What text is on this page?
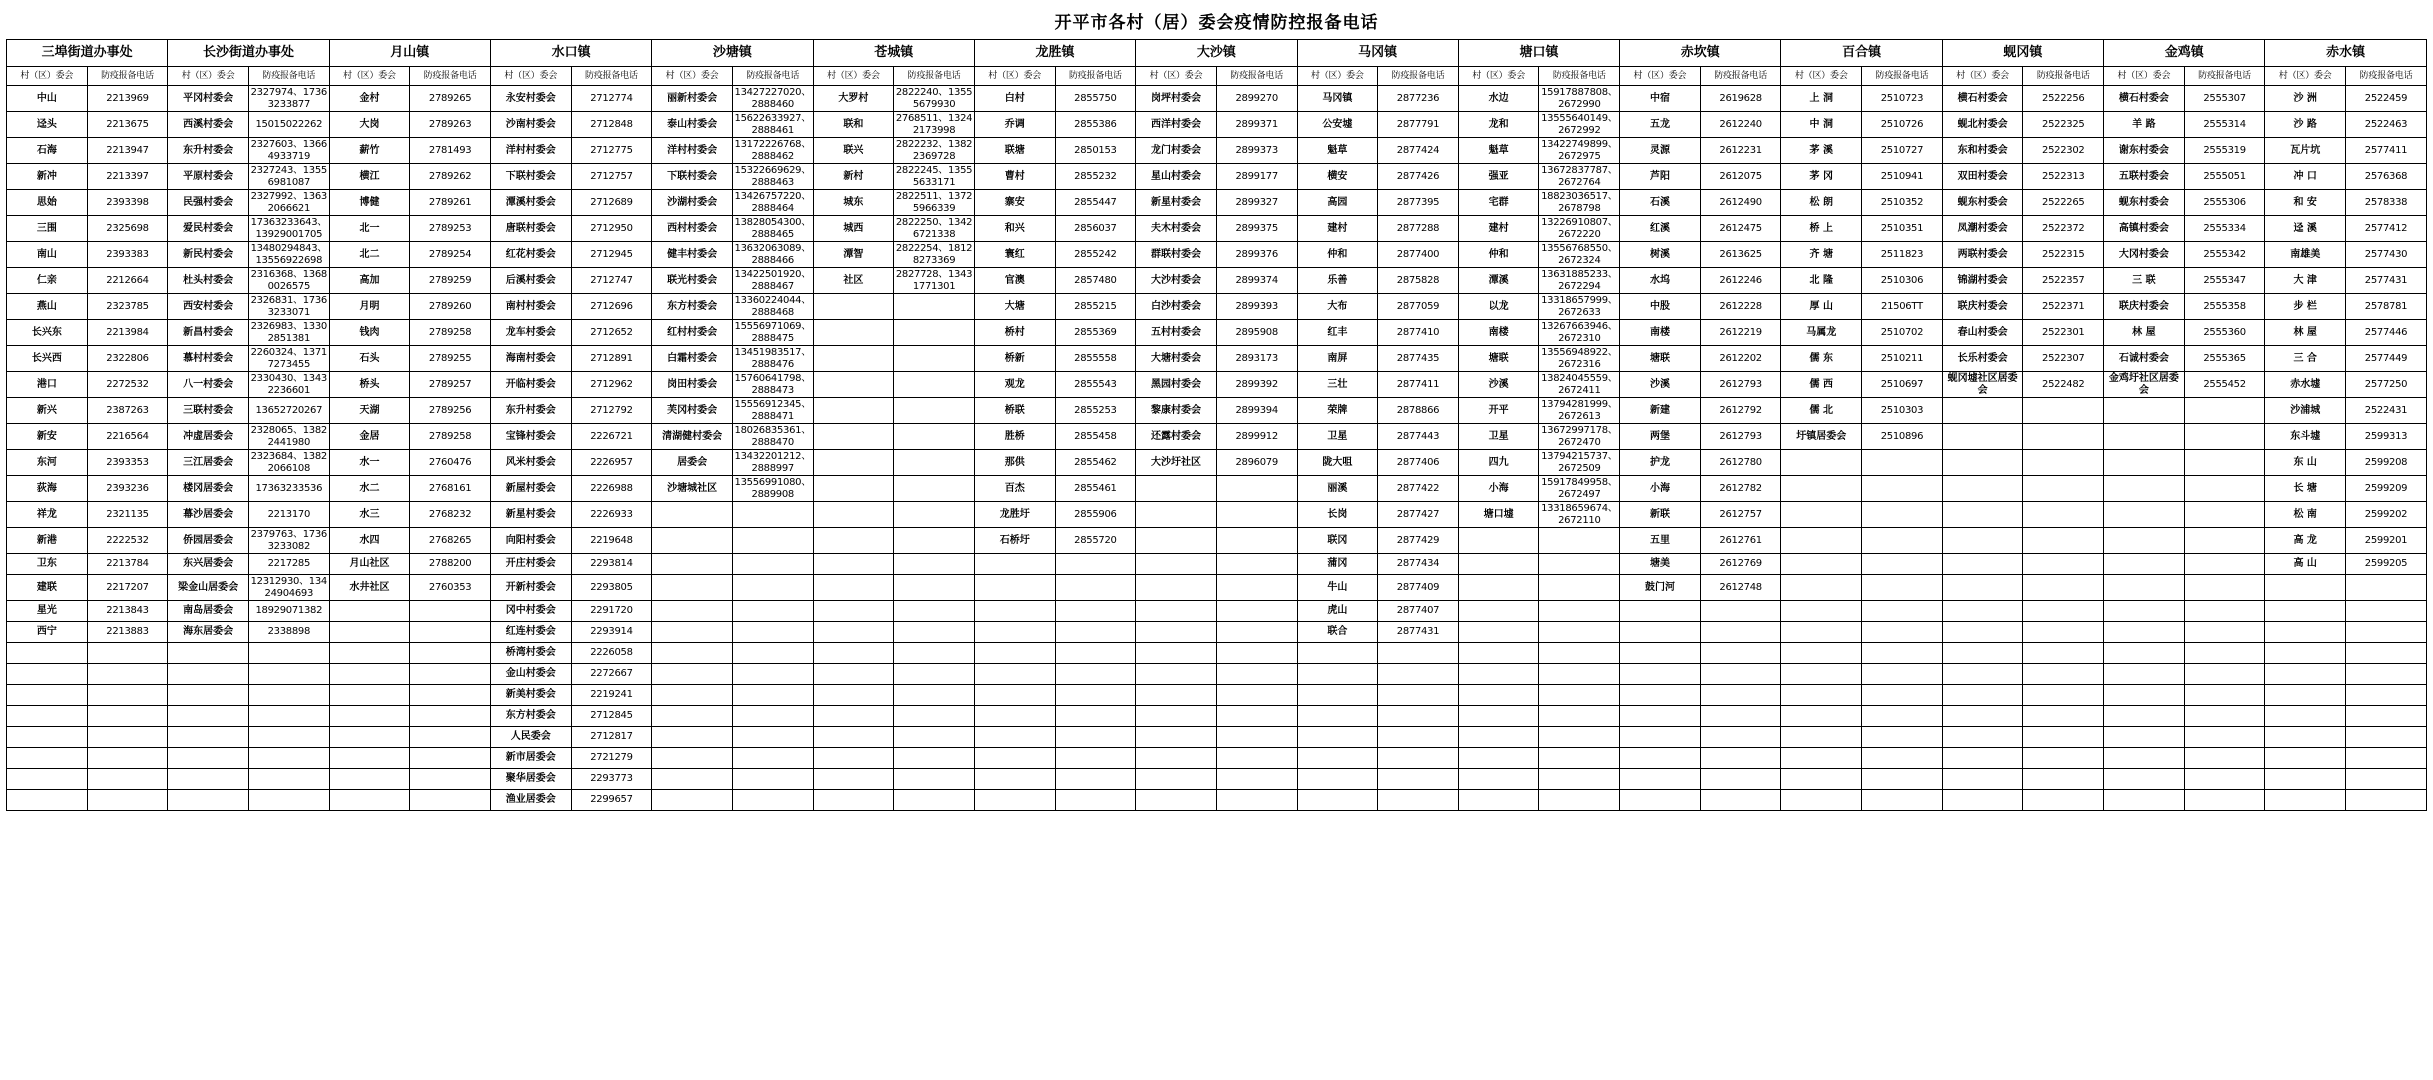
开平市各村（居）委会疫情防控报备电话
三埠街道办事处		长沙街道办事处		月山镇		水口镇		沙塘镇		苍城镇		龙胜镇		大沙镇		马冈镇		塘口镇		赤坎镇		百合镇		蚬冈镇		金鸡镇		赤水镇	
村（区）委会	防疫报备电话	村（区）委会	防疫报备电话	村（区）委会	防疫报备电话	村（区）委会	防疫报备电话	村（区）委会	防疫报备电话	村（区）委会	防疫报备电话	村（区）委会	防疫报备电话	村（区）委会	防疫报备电话	村（区）委会	防疫报备电话	村（区）委会	防疫报备电话	村（区）委会	防疫报备电话	村（区）委会	防疫报备电话	村（区）委会	防疫报备电话	村（区）委会	防疫报备电话	村（区）委会	防疫报备电话
中山	2213969	平冈村委会	2327974、17363233877	金村	2789265	永安村委会	2712774	丽新村委会	13427227020、2888460	大罗村	2822240、13555679930	白村	2855750	岗坪村委会	2899270	马冈镇	2877236	水边	15917887808、2672990	中宿	2619628	上 洞	2510723	横石村委会	2522256	横石村委会	2555307	沙 洲	2522459
迳头	2213675	西溪村委会	15015022262	大岗	2789263	沙南村委会	2712848	泰山村委会	15622633927、2888461	联和	2768511、13242173998	乔调	2855386	西洋村委会	2899371	公安墟	2877791	龙和	13555640149、2672992	五龙	2612240	中 洞	2510726	蚬北村委会	2522325	羊 路	2555314	沙 路	2522463
石海	2213947	东升村委会	2327603、13664933719	薪竹	2781493	洋村村委会	2712775	洋村村委会	13172226768、2888462	联兴	2822232、13822369728	联塘	2850153	龙门村委会	2899373	魁草	2877424	魁草	13422749899、2672975	灵源	2612231	茅 溪	2510727	东和村委会	2522302	谢东村委会	2555319	瓦片坑	2577411
新冲	2213397	平原村委会	2327243、13556981087	横江	2789262	下联村委会	2712757	下联村委会	15322669629、2888463	新村	2822245、13555633171	曹村	2855232	星山村委会	2899177	横安	2877426	强亚	13672837787、2672764	芦阳	2612075	茅 冈	2510941	双田村委会	2522313	五联村委会	2555051	冲 口	2576368
思始	2393398	民强村委会	2327992、13632066621	博健	2789261	潭溪村委会	2712689	沙湖村委会	13426757220、2888464	城东	2822511、13725966339	寨安	2855447	新星村委会	2899327	高园	2877395	宅群	18823036517、2678798	石溪	2612490	松 朗	2510352	蚬东村委会	2522265	蚬东村委会	2555306	和 安	2578338
三围	2325698	爱民村委会	17363233643、13929001705	北一	2789253	唐联村委会	2712950	西村村委会	13828054300、2888465	城西	2822250、13426721338	和兴	2856037	夫木村委会	2899375	建村	2877288	建村	13226910807、2672220	红溪	2612475	桥 上	2510351	凤潮村委会	2522372	高镇村委会	2555334	迳 溪	2577412
南山	2393383	新民村委会	13480294843、13556922698	北二	2789254	红花村委会	2712945	健丰村委会	13632063089、2888466	潭智	2822254、18128273369	寰红	2855242	群联村委会	2899376	仲和	2877400	仲和	13556768550、2672324	树溪	2613625	齐 塘	2511823	两联村委会	2522315	大冈村委会	2555342	南雄美	2577430
仁亲	2212664	杜头村委会	2316368、13680026575	高加	2789259	后溪村委会	2712747	联光村委会	13422501920、2888467	社区	2827728、13431771301	官澳	2857480	大沙村委会	2899374	乐善	2875828	潭溪	13631885233、2672294	水坞	2612246	北 隆	2510306	锦湖村委会	2522357	三 联	2555347	大 津	2577431
燕山	2323785	西安村委会	2326831、17363233071	月明	2789260	南村村委会	2712696	东方村委会	13360224044、2888468			大塘	2855215	白沙村委会	2899393	大布	2877059	以龙	13318657999、2672633	中股	2612228	厚 山	21506TT	联庆村委会	2522371	联庆村委会	2555358	步 栏	2578781
长兴东	2213984	新昌村委会	2326983、13302851381	钱肉	2789258	龙车村委会	2712652	红村村委会	15556971069、2888475			桥村	2855369	五村村委会	2895908	红丰	2877410	南楼	13267663946、2672310	南楼	2612219	马属龙	2510702	春山村委会	2522301	林 屋	2555360	林 屋	2577446
长兴西	2322806	慕村村委会	2260324、13717273455	石头	2789255	海南村委会	2712891	白霜村委会	13451983517、2888476			桥新	2855558	大塘村委会	2893173	南屏	2877435	塘联	13556948922、2672316	塘联	2612202	儒 东	2510211	长乐村委会	2522307	石诚村委会	2555365	三 合	2577449
港口	2272532	八一村委会	2330430、13432236601	桥头	2789257	开临村委会	2712962	岗田村委会	15760641798、2888473			观龙	2855543	黑园村委会	2899392	三壮	2877411	沙溪	13824045559、2672411	沙溪	2612793	儒 西	2510697	蚬冈墟社区居委会	2522482	金鸡圩社区居委会	2555452	赤水墟	2577250
新兴	2387263	三联村委会	13652720267	天湖	2789256	东升村委会	2712792	芙冈村委会	15556912345、2888471			桥联	2855253	黎康村委会	2899394	荣牌	2878866	开平	13794281999、2672613	新建	2612792	儒 北	2510303					沙浦城	2522431
新安	2216564	冲虚居委会	2328065、13822441980	金居	2789258	宝锋村委会	2226721	清湖健村委会	18026835361、2888470			胜桥	2855458	还露村委会	2899912	卫星	2877443	卫星	13672997178、2672470	两堡	2612793	圩镇居委会	2510896					东斗墟	2599313
东河	2393353	三江居委会	2323684、13822066108	水一	2760476	风米村委会	2226957	居委会	13432201212、2888997			那供	2855462	大沙圩社区	2896079	陇大咀	2877406	四九	13794215737、2672509	护龙	2612780							东 山	2599208
荻海	2393236	楼冈居委会	17363233536	水二	2768161	新屋村委会	2226988	沙塘城社区	13556991080、2889908			百杰	2855461			丽溪	2877422	小海	15917849958、2672497	小海	2612782							长 塘	2599209
祥龙	2321135	幕沙居委会	2213170	水三	2768232	新星村委会	2226933					龙胜圩	2855906			长岗	2877427	塘口墟	13318659674、2672110	新联	2612757							松 南	2599202
新港	2222532	侨园居委会	2379763、17363233082	水四	2768265	向阳村委会	2219648					石桥圩	2855720			联冈	2877429			五里	2612761							高 龙	2599201
卫东	2213784	东兴居委会	2217285	月山社区	2788200	开庄村委会	2293814									蒲冈	2877434			塘美	2612769							高 山	2599205
建联	2217207	梁金山居委会	12312930、13424904693	水井社区	2760353	开新村委会	2293805									牛山	2877409			鼓门河	2612748								
星光	2213843	南岛居委会	18929071382			冈中村委会	2291720									虎山	2877407												
西宁	2213883	海东居委会	2338898			红连村委会	2293914									联合	2877431												
						桥湾村委会	2226058																						
						金山村委会	2272667																						
						新美村委会	2219241																						
						东方村委会	2712845																						
						人民委会	2712817																						
						新市居委会	2721279																						
						聚华居委会	2293773																						
						渔业居委会	2299657																						
